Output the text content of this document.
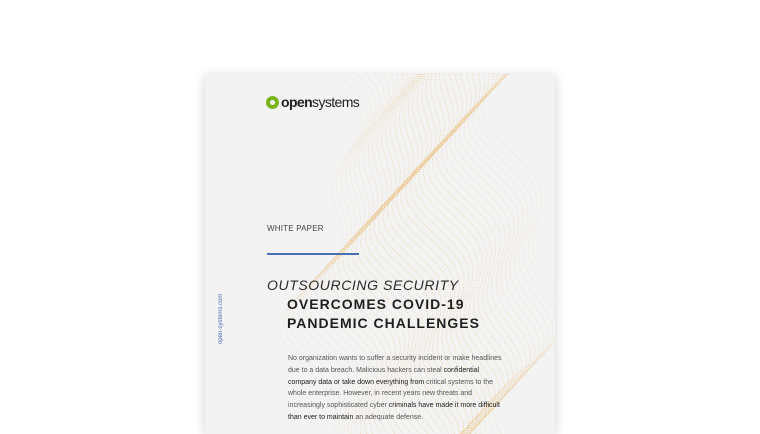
opensystems
WHITE PAPER
OUTSOURCING SECURITY
OVERCOMES COVID-19
PANDEMIC CHALLENGES
open-systems.com
No organization wants to suffer a security incident or make headlines due to a data breach. Malicious hackers can steal confidential company data or take down everything from critical systems to the whole enterprise. However, in recent years new threats and increasingly sophisticated cyber criminals have made it more difficult than ever to maintain an adequate defense.
